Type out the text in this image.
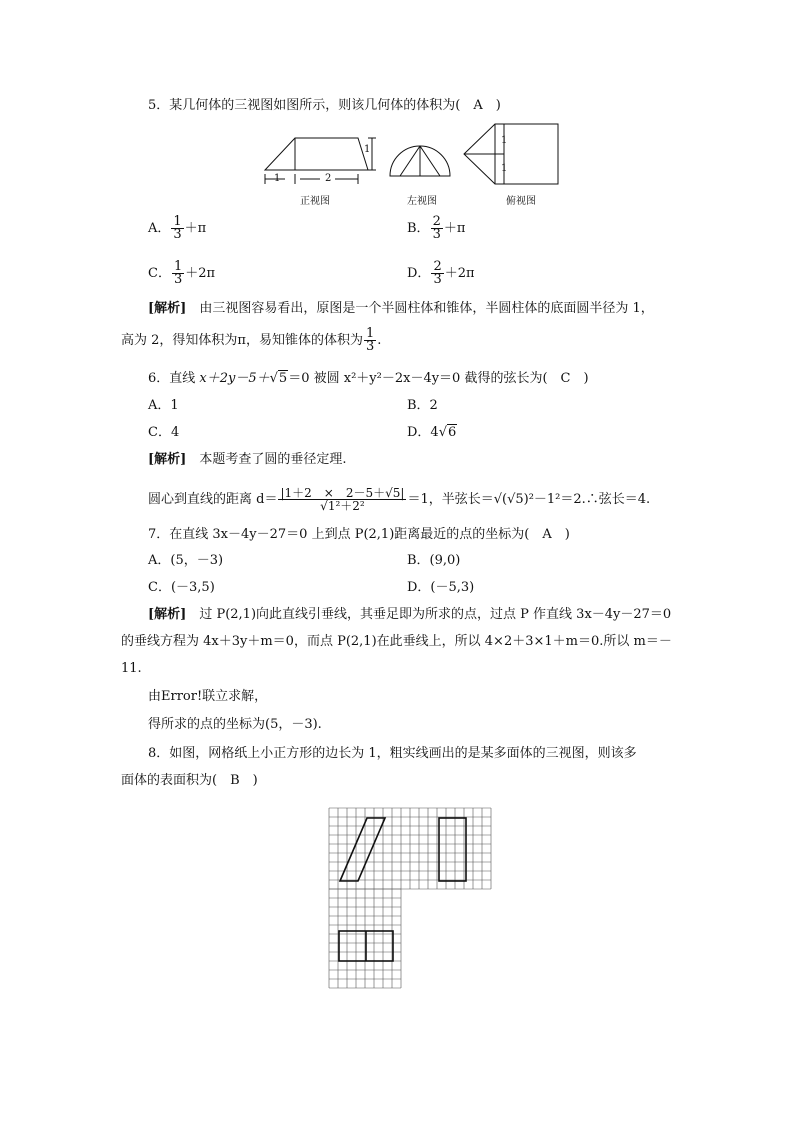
5．某几何体的三视图如图所示，则该几何体的体积为(　A　)
1
1	2
1
1
正视图	左视图	俯视图
A． $\frac{1}{3} +\pi$	B． $\frac{2}{3} +\pi$
C． $\frac{1}{3} +2\pi$	D． $\frac{2}{3} +2\pi$
[解析]　 由三视图容易看出，原图是一个半圆柱体和锥体，半圆柱体的底面圆半径为 1，
高为 2，得知体积为π，易知锥体的体积为 $\frac{1}{3}$ .
6．直线 x＋2y－5＋√5＝0 被圆 x²＋y²－2x－4y＝0 截得的弦长为(　C　)
A．1	B．2
C．4	D．4√6
[解析]　 本题考查了圆的垂径定理.
圆心到直线的距离 $d= \frac{|1+2 \times 2-5+√5|}{\text{√1²＋2²}} =1$，半弦长＝√(√5)²－1²＝2.∴弦长＝4.
7．在直线 3x－4y－27＝0 上到点 P(2,1)距离最近的点的坐标为(　A　)
A．(5，－3)	B．(9,0)
C．(－3,5)	D．(－5,3)
[解析]　 过 P(2,1)向此直线引垂线，其垂足即为所求的点，过点 P 作直线 3x－4y－27＝0
的垂线方程为 4x＋3y＋m＝0，而点 P(2,1)在此垂线上，所以 4×2＋3×1＋m＝0.所以 m＝－
11.
由Error!联立求解，
得所求的点的坐标为(5，－3).
8．如图，网格纸上小正方形的边长为 1，粗实线画出的是某多面体的三视图，则该多
面体的表面积为(　B　)
